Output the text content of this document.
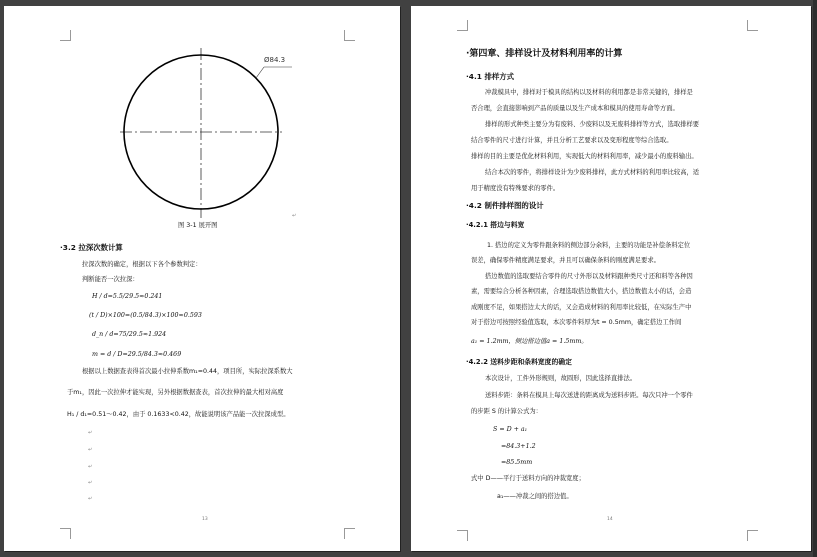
Ø84.3
图 3-1 展开图
↵
·3.2 拉深次数计算
拉深次数的确定，根据以下各个参数判定：
判断能否一次拉深：
H / d=5.5/29.5≈0.241
(t / D)×100=(0.5/84.3)×100≈0.593
d_n / d=75/29.5≈1.924
m = d / D=29.5/84.3≈0.469
根据以上数据查表得首次最小拉伸系数m₁=0.44，项目所，实际拉深系数大
于m₁，因此一次拉伸才能实现，另外根据数据查表，首次拉伸的最大相对高度
H₁ / d₁=0.51～0.42，由于 0.1633<0.42，故能说明该产品能一次拉深成型。
↵
↵
↵
↵
↵
13
·第四章、排样设计及材料利用率的计算
·4.1 排样方式
冲裁模具中，排样对于模具的结构以及材料的利用都是非常关键的，排样是
否合理，会直接影响到产品的质量以及生产成本和模具的使用寿命等方面。
排样的形式种类主要分为有废料、少废料以及无废料排样等方式，选取排样要
结合零件的尺寸进行计算，并且分析工艺要求以及变形程度等综合选取。
排样的目的主要是优化材料利用，实现低大的材料利用率，减少最小的废料输出。
结合本次的零件，将排样设计为少废料排样，此方式材料的利用率比较高，适
用于精度没有特殊要求的零件。
·4.2 制件排样图的设计
·4.2.1 搭边与料宽
1. 搭边的定义为零件跟条料的侧边部分余料，主要的功能是补偿条料定位
误差，确保零件精度满足要求，并且可以确保条料的刚度满足要求。
搭边数值的选取要结合零件的尺寸外形以及材料跟种类尺寸还和料等各种因
素，需要综合分析各种因素，合理选取搭边数值大小，搭边数值太小的话，会造
成刚度不足，如果搭边太大的话，又会造成材料的利用率比较低，在实际生产中
对于搭边可按照经验值选取，本次零件料厚为t = 0.5mm，确定搭边工作间
a₁ = 1.2mm，侧边搭边值a = 1.5mm。
·4.2.2 送料步距和条料宽度的确定
本次设计，工件外形规则，故圆形，因此选择直排法。
送料步距：条料在模具上每次送进的距离成为送料步距。每次只冲一个零件
的步距 S 的计算公式为：
S = D + a₁
=84.3+1.2
=85.5mm
式中 D——平行于送料方向的冲裁宽度；
a₁——冲裁之间的搭边值。
14
